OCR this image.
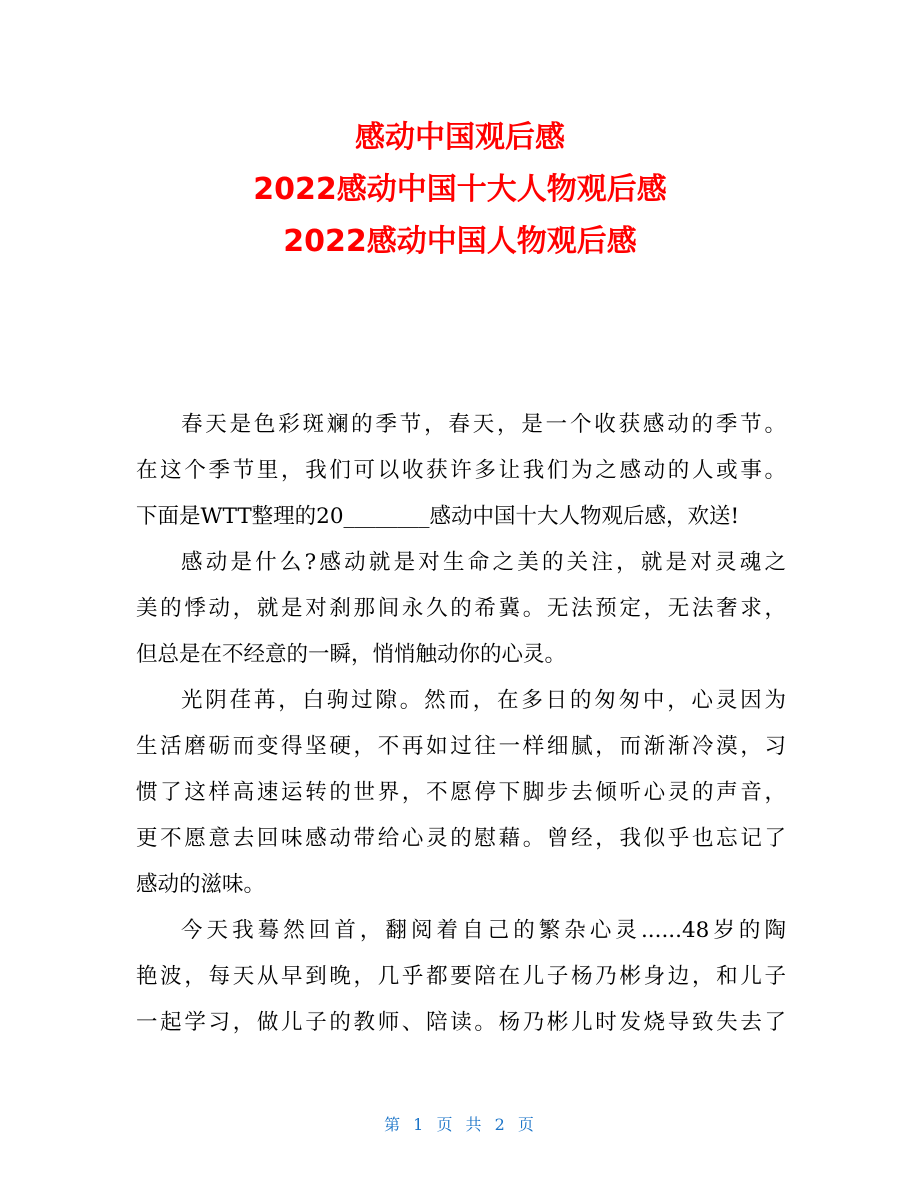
感动中国观后感
2022感动中国十大人物观后感
2022感动中国人物观后感
春天是色彩斑斓的季节，春天，是一个收获感动的季节。
在这个季节里，我们可以收获许多让我们为之感动的人或事。
下面是WTT整理的20________感动中国十大人物观后感，欢送!
感动是什么?感动就是对生命之美的关注，就是对灵魂之
美的悸动，就是对刹那间永久的希冀。无法预定，无法奢求，
但总是在不经意的一瞬，悄悄触动你的心灵。
光阴荏苒，白驹过隙。然而，在多日的匆匆中，心灵因为
生活磨砺而变得坚硬，不再如过往一样细腻，而渐渐冷漠，习
惯了这样高速运转的世界，不愿停下脚步去倾听心灵的声音，
更不愿意去回味感动带给心灵的慰藉。曾经，我似乎也忘记了
感动的滋味。
今天我蓦然回首，翻阅着自己的繁杂心灵......48岁的陶
艳波，每天从早到晚，几乎都要陪在儿子杨乃彬身边，和儿子
一起学习，做儿子的教师、陪读。杨乃彬儿时发烧导致失去了
第 1 页 共 2 页
